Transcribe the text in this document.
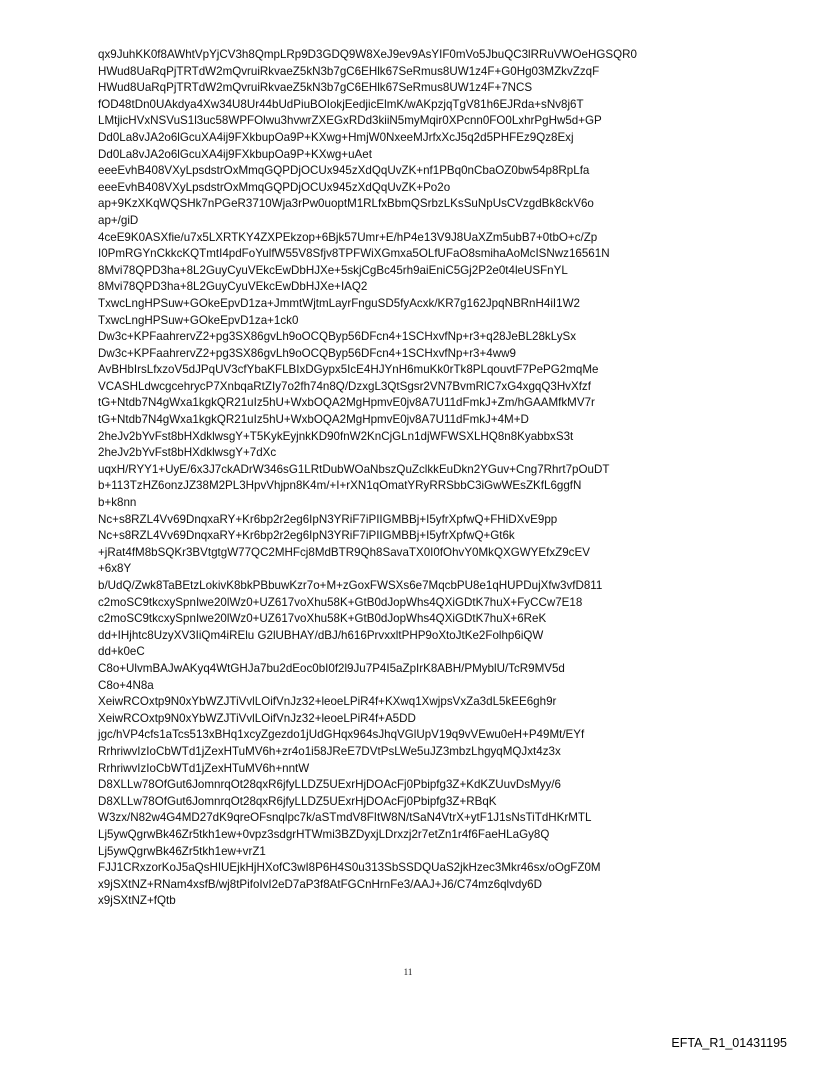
qx9JuhKK0f8AWhtVpYjCV3h8QmpLRp9D3GDQ9W8XeJ9ev9AsYIF0mVo5JbuQC3lRRuVWOeHGSQR0
HWud8UaRqPjTRTdW2mQvruiRkvaeZ5kN3b7gC6EHlk67SeRmus8UW1z4F+G0Hg03MZkvZzqF
HWud8UaRqPjTRTdW2mQvruiRkvaeZ5kN3b7gC6EHlk67SeRmus8UW1z4F+7NCS
fOD48tDn0UAkdya4Xw34U8Ur44bUdPiuBOIokjEedjicElmK/wAKpzjqTgV81h6EJRda+sNv8j6T
LMtjicHVxNSVuS1l3uc58WPFOlwu3hvwrZXEGxRDd3kiiN5myMqir0XPcnn0FO0LxhrPgHw5d+GP
Dd0La8vJA2o6lGcuXA4ij9FXkbupOa9P+KXwg+HmjW0NxeeMJrfxXcJ5q2d5PHFEz9Qz8Exj
Dd0La8vJA2o6lGcuXA4ij9FXkbupOa9P+KXwg+uAet
eeeEvhB408VXyLpsdstrOxMmqGQPDjOCUx945zXdQqUvZK+nf1PBq0nCbaOZ0bw54p8RpLfa
eeeEvhB408VXyLpsdstrOxMmqGQPDjOCUx945zXdQqUvZK+Po2o
ap+9KzXKqWQSHk7nPGeR3710Wja3rPw0uoptM1RLfxBbmQSrbzLKsSuNpUsCVzgdBk8ckV6o
ap+/giD
4ceE9K0ASXfie/u7x5LXRTKY4ZXPEkzop+6Bjk57Umr+E/hP4e13V9J8UaXZm5ubB7+0tbO+c/Zp
I0PmRGYnCkkcKQTmtI4pdFoYulfW55V8Sfjv8TPFWiXGmxa5OLfUFaO8smihaAoMcISNwz16561N
8Mvi78QPD3ha+8L2GuyCyuVEkcEwDbHJXe+5skjCgBc45rh9aiEniC5Gj2P2e0t4leUSFnYL
8Mvi78QPD3ha+8L2GuyCyuVEkcEwDbHJXe+IAQ2
TxwcLngHPSuw+GOkeEpvD1za+JmmtWjtmLayrFnguSD5fyAcxk/KR7g162JpqNBRnH4iI1W2
TxwcLngHPSuw+GOkeEpvD1za+1ck0
Dw3c+KPFaahrervZ2+pg3SX86gvLh9oOCQByp56DFcn4+1SCHxvfNp+r3+q28JeBL28kLySx
Dw3c+KPFaahrervZ2+pg3SX86gvLh9oOCQByp56DFcn4+1SCHxvfNp+r3+4ww9
AvBHbIrsLfxzoV5dJPqUV3cfYbaKFLBIxDGypx5IcE4HJYnH6muKk0rTk8PLqouvtF7PePG2mqMe
VCASHLdwcgcehrycP7XnbqaRtZIy7o2fh74n8Q/DzxgL3QtSgsr2VN7BvmRlC7xG4xgqQ3HvXfzf
tG+Ntdb7N4gWxa1kgkQR21uIz5hU+WxbOQA2MgHpmvE0jv8A7U11dFmkJ+Zm/hGAAMfkMV7r
tG+Ntdb7N4gWxa1kgkQR21uIz5hU+WxbOQA2MgHpmvE0jv8A7U11dFmkJ+4M+D
2heJv2bYvFst8bHXdklwsgY+T5KykEyjnkKD90fnW2KnCjGLn1djWFWSXLHQ8n8KyabbxS3t
2heJv2bYvFst8bHXdklwsgY+7dXc
uqxH/RYY1+UyE/6x3J7ckADrW346sG1LRtDubWOaNbszQuZclkkEuDkn2YGuv+Cng7Rhrt7pOuDT
b+113TzHZ6onzJZ38M2PL3HpvVhjpn8K4m/+I+rXN1qOmatYRyRRSbbC3iGwWEsZKfL6ggfN
b+k8nn
Nc+s8RZL4Vv69DnqxaRY+Kr6bp2r2eg6IpN3YRiF7iPIIGMBBj+I5yfrXpfwQ+FHiDXvE9pp
Nc+s8RZL4Vv69DnqxaRY+Kr6bp2r2eg6IpN3YRiF7iPIIGMBBj+I5yfrXpfwQ+Gt6k
+jRat4fM8bSQKr3BVtgtgW77QC2MHFcj8MdBTR9Qh8SavaTX0I0fOhvY0MkQXGWYEfxZ9cEV
+6x8Y
b/UdQ/Zwk8TaBEtzLokivK8bkPBbuwKzr7o+M+zGoxFWSXs6e7MqcbPU8e1qHUPDujXfw3vfD811
c2moSC9tkcxySpnIwe20lWz0+UZ617voXhu58K+GtB0dJopWhs4QXiGDtK7huX+FyCCw7E18
c2moSC9tkcxySpnIwe20lWz0+UZ617voXhu58K+GtB0dJopWhs4QXiGDtK7huX+6ReK
dd+IHjhtc8UzyXV3IiQm4iRElu G2lUBHAY/dBJ/h616PrvxxltPHP9oXtoJtKe2Folhp6iQW
dd+k0eC
C8o+UlvmBAJwAKyq4WtGHJa7bu2dEoc0bI0f2l9Ju7P4I5aZpIrK8ABH/PMyblU/TcR9MV5d
C8o+4N8a
XeiwRCOxtp9N0xYbWZJTiVvlLOifVnJz32+leoeLPiR4f+KXwq1XwjpsVxZa3dL5kEE6gh9r
XeiwRCOxtp9N0xYbWZJTiVvlLOifVnJz32+leoeLPiR4f+A5DD
jgc/hVP4cfs1aTcs513xBHq1xcyZgezdo1jUdGHqx964sJhqVGlUpV19q9vVEwu0eH+P49Mt/EYf
RrhriwvIzIoCbWTd1jZexHTuMV6h+zr4o1i58JReE7DVtPsLWe5uJZ3mbzLhgyqMQJxt4z3x
RrhriwvIzIoCbWTd1jZexHTuMV6h+nntW
D8XLLw78OfGut6JomnrqOt28qxR6jfyLLDZ5UExrHjDOAcFj0Pbipfg3Z+KdKZUuvDsMyy/6
D8XLLw78OfGut6JomnrqOt28qxR6jfyLLDZ5UExrHjDOAcFj0Pbipfg3Z+RBqK
W3zx/N82w4G4MD27dK9qreOFsnqlpc7k/aSTmdV8FItW8N/tSaN4VtrX+ytF1J1sNsTiTdHKrMTL
Lj5ywQgrwBk46Zr5tkh1ew+0vpz3sdgrHTWmi3BZDyxjLDrxzj2r7etZn1r4f6FaeHLaGy8Q
Lj5ywQgrwBk46Zr5tkh1ew+vrZ1
FJJ1CRxzorKoJ5aQsHIUEjkHjHXofC3wI8P6H4S0u313SbSSDQUaS2jkHzec3Mkr46sx/oOgFZ0M
x9jSXtNZ+RNam4xsfB/wj8tPifoIvI2eD7aP3f8AtFGCnHrnFe3/AAJ+J6/C74mz6qlvdy6D
x9jSXtNZ+fQtb
11
EFTA_R1_01431195
